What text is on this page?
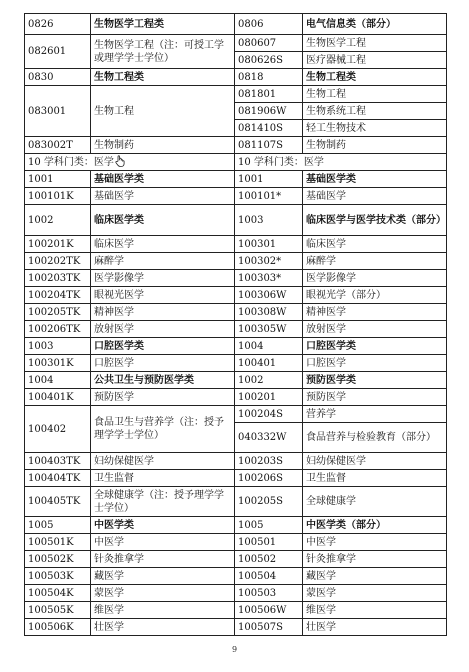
0826	生物医学工程类	0806	电气信息类（部分）
082601	生物医学工程（注：可授工学或理学学士学位）	080607	生物医学工程
		080626S	医疗器械工程
0830	生物工程类	0818	生物工程类
083001	生物工程	081801	生物工程
		081906W	生物系统工程
		081410S	轻工生物技术
083002T	生物制药	081107S	生物制药
10 学科门类：医学		10 学科门类：医学	
1001	基础医学类	1001	基础医学类
100101K	基础医学	100101*	基础医学
1002	临床医学类	1003	临床医学与医学技术类（部分）
100201K	临床医学	100301	临床医学
100202TK	麻醉学	100302*	麻醉学
100203TK	医学影像学	100303*	医学影像学
100204TK	眼视光医学	100306W	眼视光学（部分）
100205TK	精神医学	100308W	精神医学
100206TK	放射医学	100305W	放射医学
1003	口腔医学类	1004	口腔医学类
100301K	口腔医学	100401	口腔医学
1004	公共卫生与预防医学类	1002	预防医学类
100401K	预防医学	100201	预防医学
100402	食品卫生与营养学（注：授予理学学士学位）	100204S	营养学
		040332W	食品营养与检验教育（部分）
100403TK	妇幼保健医学	100203S	妇幼保健医学
100404TK	卫生监督	100206S	卫生监督
100405TK	全球健康学（注：授予理学学士学位）	100205S	全球健康学
1005	中医学类	1005	中医学类（部分）
100501K	中医学	100501	中医学
100502K	针灸推拿学	100502	针灸推拿学
100503K	藏医学	100504	藏医学
100504K	蒙医学	100503	蒙医学
100505K	维医学	100506W	维医学
100506K	壮医学	100507S	壮医学
9
